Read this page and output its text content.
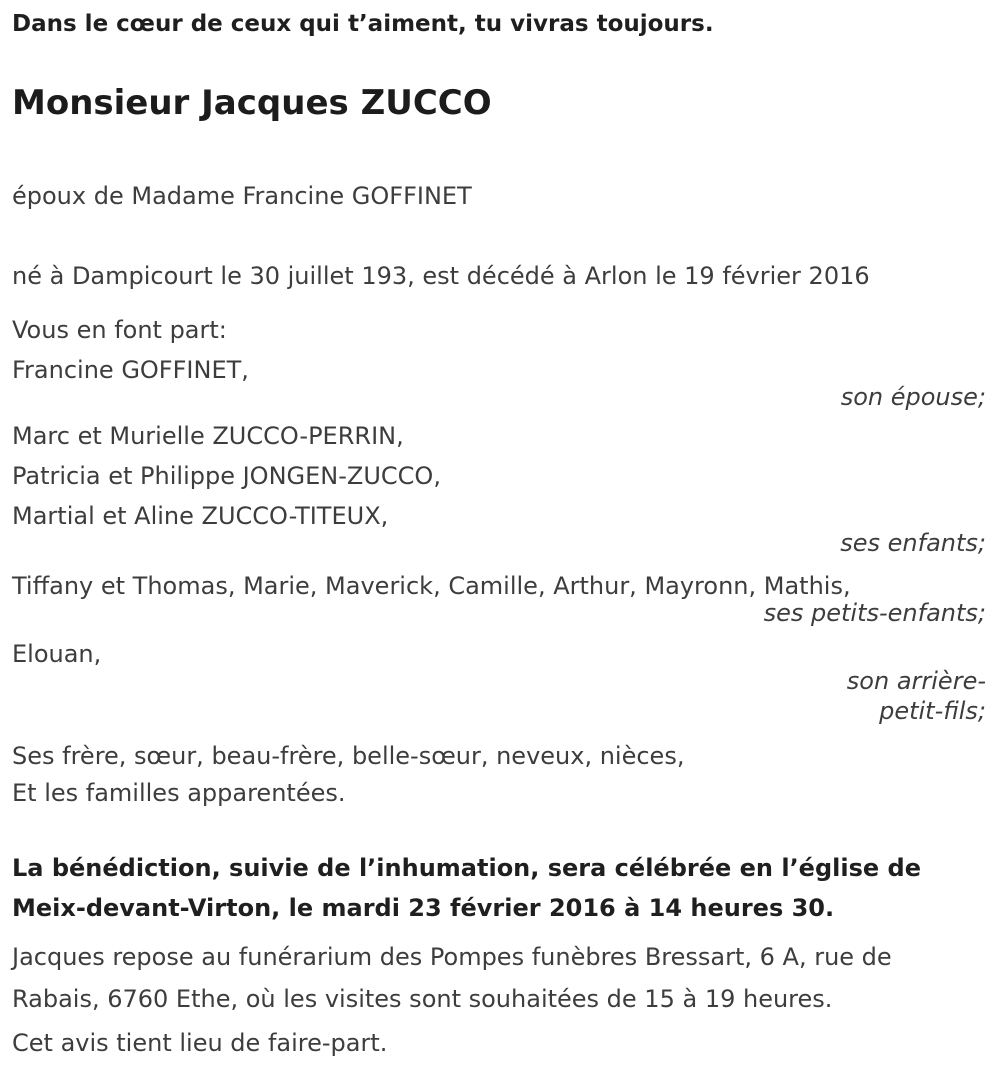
Dans le cœur de ceux qui t’aiment, tu vivras toujours.

Monsieur Jacques ZUCCO

époux de Madame Francine GOFFINET

né à Dampicourt le 30 juillet 193, est décédé à Arlon le 19 février 2016

Vous en font part:

Francine GOFFINET,

son épouse;

Marc et Murielle ZUCCO-PERRIN,

Patricia et Philippe JONGEN-ZUCCO,

Martial et Aline ZUCCO-TITEUX,

ses enfants;

Tiffany et Thomas, Marie, Maverick, Camille, Arthur, Mayronn, Mathis,

ses petits-enfants;

Elouan,

son arrière-

petit-fils;

Ses frère, sœur, beau-frère, belle-sœur, neveux, nièces,

Et les familles apparentées.

La bénédiction, suivie de l’inhumation, sera célébrée en l’église de Meix-devant-Virton, le mardi 23 février 2016 à 14 heures 30.

Jacques repose au funérarium des Pompes funèbres Bressart, 6 A, rue de Rabais, 6760 Ethe, où les visites sont souhaitées de 15 à 19 heures.

Cet avis tient lieu de faire-part.
